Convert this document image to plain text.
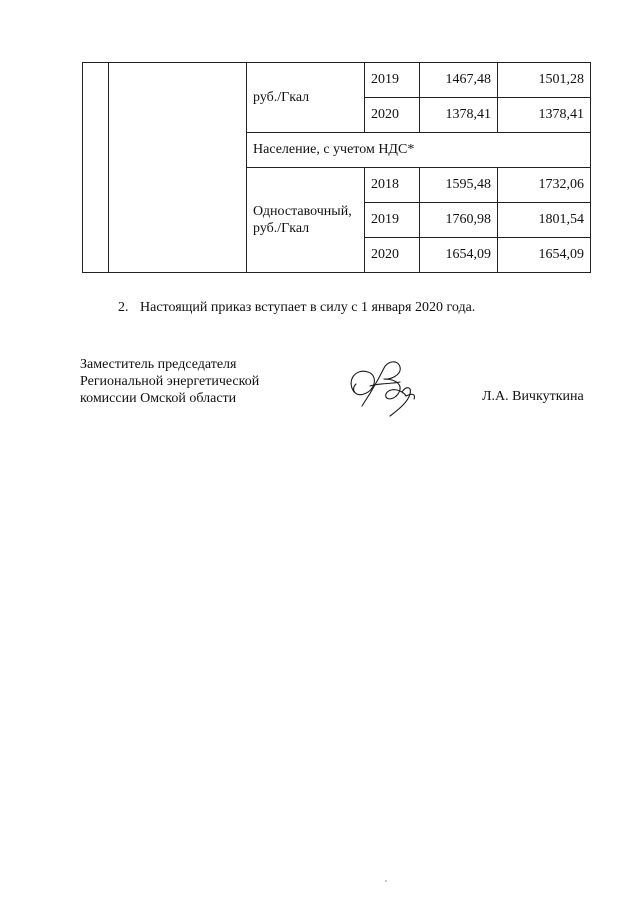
		руб./Гкал	2019	1467,48	1501,28
			2020	1378,41	1378,41
		Население, с учетом НДС*			
		Одноставочный, руб./Гкал	2018	1595,48	1732,06
			2019	1760,98	1801,54
			2020	1654,09	1654,09
2. Настоящий приказ вступает в силу с 1 января 2020 года.
Заместитель председателя
Региональной энергетической
комиссии Омской области	Л.А. Вичкуткина
